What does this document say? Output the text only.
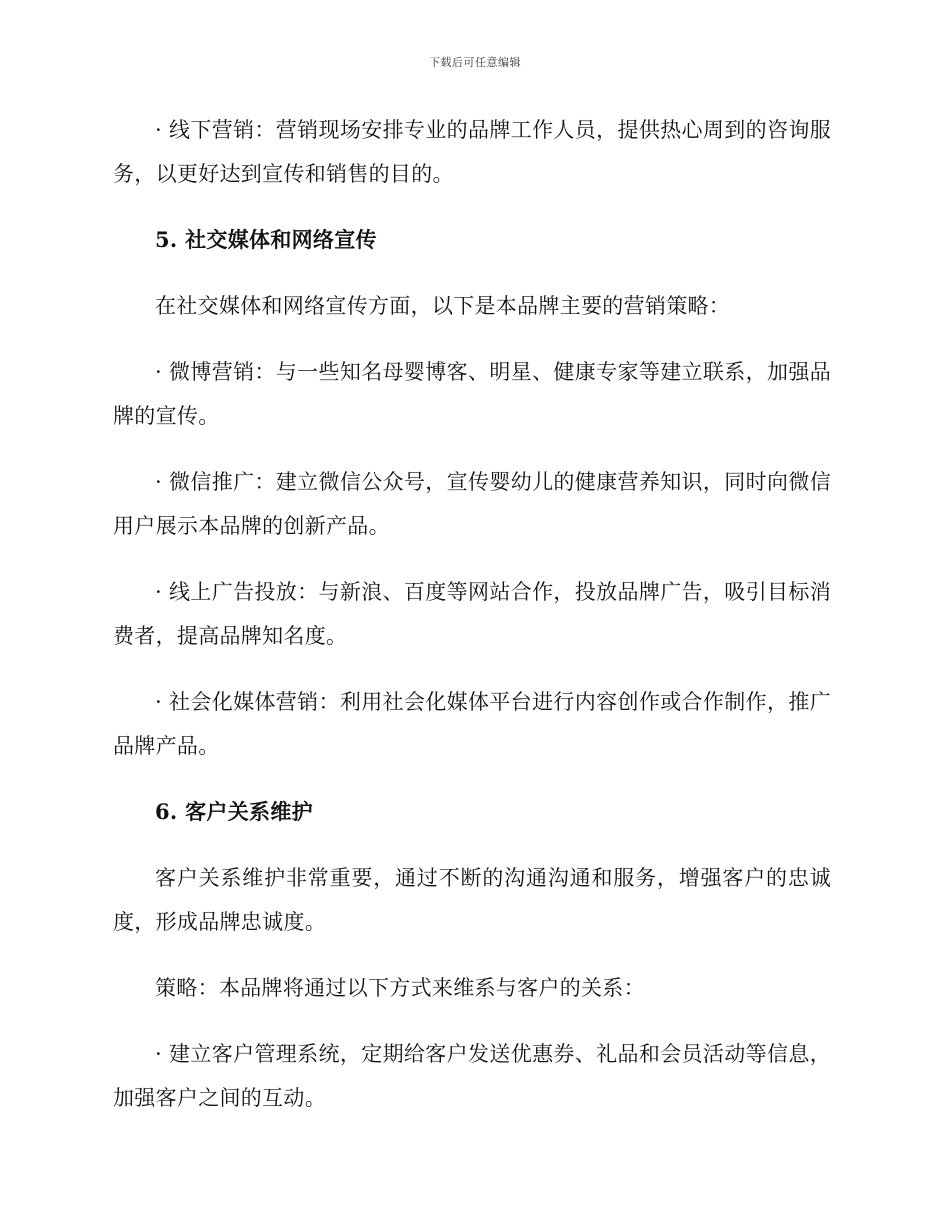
下载后可任意编辑

· 线下营销：营销现场安排专业的品牌工作人员，提供热心周到的咨询服务，以更好达到宣传和销售的目的。

5. 社交媒体和网络宣传

在社交媒体和网络宣传方面，以下是本品牌主要的营销策略：

· 微博营销：与一些知名母婴博客、明星、健康专家等建立联系，加强品牌的宣传。

· 微信推广：建立微信公众号，宣传婴幼儿的健康营养知识，同时向微信用户展示本品牌的创新产品。

· 线上广告投放：与新浪、百度等网站合作，投放品牌广告，吸引目标消费者，提高品牌知名度。

· 社会化媒体营销：利用社会化媒体平台进行内容创作或合作制作，推广品牌产品。

6. 客户关系维护

客户关系维护非常重要，通过不断的沟通沟通和服务，增强客户的忠诚度，形成品牌忠诚度。

策略：本品牌将通过以下方式来维系与客户的关系：

· 建立客户管理系统，定期给客户发送优惠券、礼品和会员活动等信息，加强客户之间的互动。
